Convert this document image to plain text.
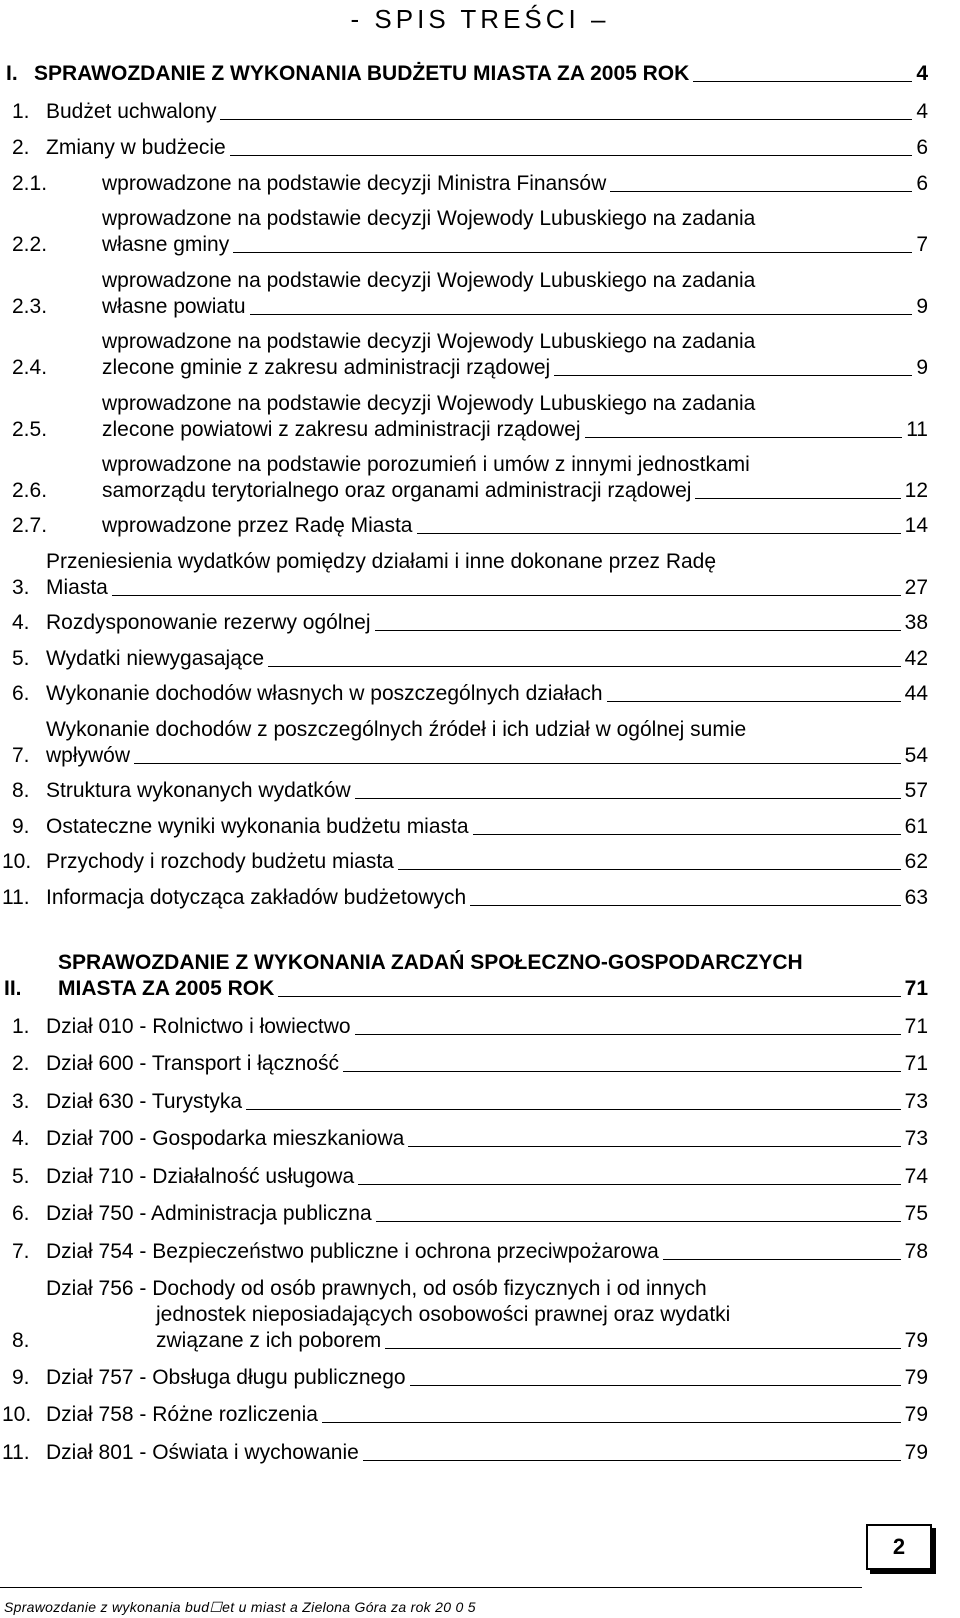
- SPIS TREŚCI –
I. SPRAWOZDANIE Z WYKONANIA BUDŻETU MIASTA ZA 2005 ROK	4
1. Budżet uchwalony	4
2. Zmiany w budżecie	6
2.1.	wprowadzone na podstawie decyzji Ministra Finansów	6
2.2.
wprowadzone na podstawie decyzji Wojewody Lubuskiego na zadania
własne gminy	7
2.3.
wprowadzone na podstawie decyzji Wojewody Lubuskiego na zadania
własne powiatu	9
2.4.
wprowadzone na podstawie decyzji Wojewody Lubuskiego na zadania
zlecone gminie z zakresu administracji rządowej	9
2.5.
wprowadzone na podstawie decyzji Wojewody Lubuskiego na zadania
zlecone powiatowi z zakresu administracji rządowej	11
2.6.
wprowadzone na podstawie porozumień i umów z innymi jednostkami
samorządu terytorialnego oraz organami administracji rządowej	12
2.7.	wprowadzone przez Radę Miasta	14
3.
Przeniesienia wydatków pomiędzy działami i inne dokonane przez Radę
Miasta	27
4. Rozdysponowanie rezerwy ogólnej	38
5. Wydatki niewygasające	42
6. Wykonanie dochodów własnych w poszczególnych działach	44
7.
Wykonanie dochodów z poszczególnych źródeł i ich udział w ogólnej sumie
wpływów	54
8. Struktura wykonanych wydatków	57
9. Ostateczne wyniki wykonania budżetu miasta	61
10. Przychody i rozchody budżetu miasta	62
11. Informacja dotycząca zakładów budżetowych	63
II.
SPRAWOZDANIE Z WYKONANIA ZADAŃ SPOŁECZNO-GOSPODARCZYCH
MIASTA ZA 2005 ROK	71
1. Dział 010 - Rolnictwo i łowiectwo	71
2. Dział 600 - Transport i łączność	71
3. Dział 630 - Turystyka	73
4. Dział 700 - Gospodarka mieszkaniowa	73
5. Dział 710 - Działalność usługowa	74
6. Dział 750 - Administracja publiczna	75
7. Dział 754 - Bezpieczeństwo publiczne i ochrona przeciwpożarowa	78
8.
Dział 756 - Dochody od osób prawnych, od osób fizycznych i od innych
jednostek nieposiadających osobowości prawnej oraz wydatki
związane z ich poborem	79
9. Dział 757 - Obsługa długu publicznego	79
10. Dział 758 - Różne rozliczenia	79
11. Dział 801 - Oświata i wychowanie	79
Sprawozdanie z wykonania bud☐et u miast a Zielona Góra za rok 20 0 5
2
